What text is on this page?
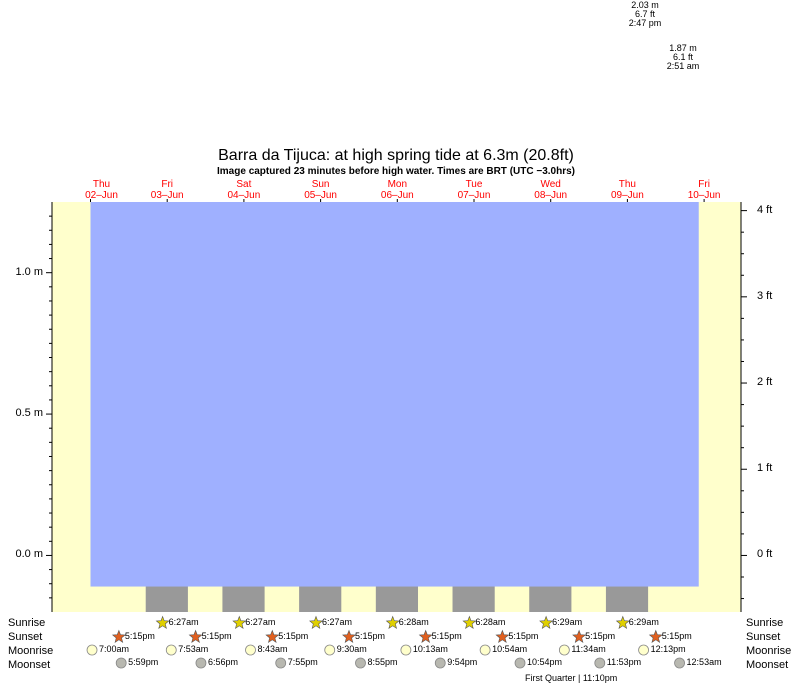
2.03 m
6.7 ft
2:47 pm
1.87 m
6.1 ft
2:51 am
Barra da Tijuca: at high spring tide at 6.3m (20.8ft)
Image captured 23 minutes before high water. Times are BRT (UTC −3.0hrs)
Thu
02–Jun
Fri
03–Jun
Sat
04–Jun
Sun
05–Jun
Mon
06–Jun
Tue
07–Jun
Wed
08–Jun
Thu
09–Jun
Fri
10–Jun
0.0 m
0.5 m
1.0 m
0 ft
1 ft
2 ft
3 ft
4 ft
Sunrise
Sunset
Moonrise
Moonset
Sunrise
Sunset
Moonrise
Moonset
6:27am	6:27am	6:27am	6:28am	6:28am	6:29am	6:29am
5:15pm	5:15pm	5:15pm	5:15pm	5:15pm	5:15pm	5:15pm	5:15pm
7:00am	7:53am	8:43am	9:30am	10:13am	10:54am	11:34am	12:13pm
5:59pm	6:56pm	7:55pm	8:55pm	9:54pm	10:54pm	11:53pm	12:53am
First Quarter | 11:10pm
